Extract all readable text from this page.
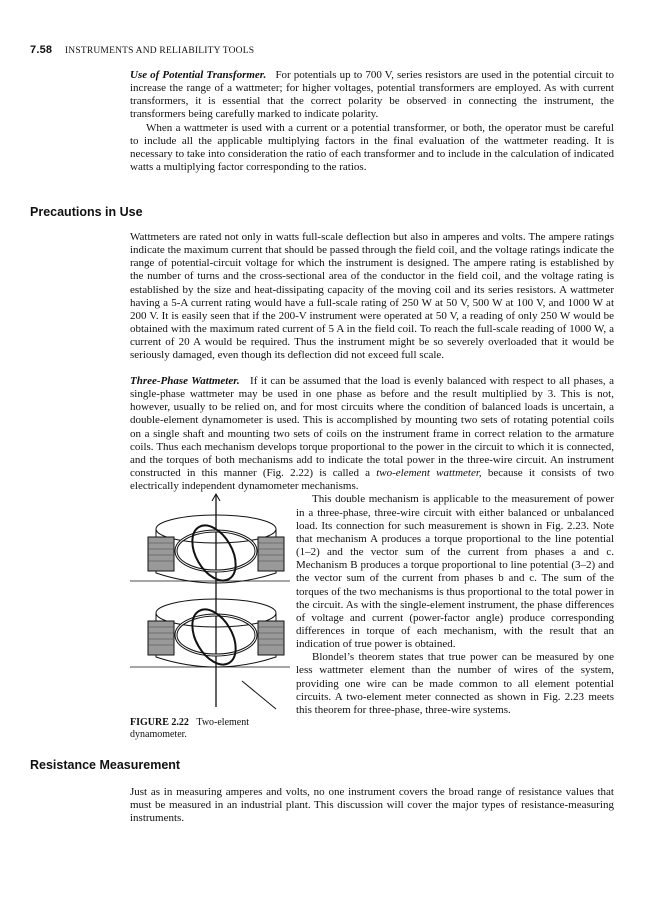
7.58 INSTRUMENTS AND RELIABILITY TOOLS

Use of Potential Transformer. For potentials up to 700 V, series resistors are used in the potential circuit to increase the range of a wattmeter; for higher voltages, potential transformers are employed. As with current transformers, it is essential that the correct polarity be observed in connecting the instrument, the transformers being carefully marked to indicate polarity.

When a wattmeter is used with a current or a potential transformer, or both, the operator must be careful to include all the applicable multiplying factors in the final evaluation of the wattmeter reading. It is necessary to take into consideration the ratio of each transformer and to include in the calculation of indicated watts a multiplying factor corresponding to the ratios.

Precautions in Use

Wattmeters are rated not only in watts full-scale deflection but also in amperes and volts. The ampere ratings indicate the maximum current that should be passed through the field coil, and the voltage ratings indicate the range of potential-circuit voltage for which the instrument is designed. The ampere rating is established by the number of turns and the cross-sectional area of the conductor in the field coil, and the voltage rating is established by the size and heat-dissipating capacity of the moving coil and its series resistors. A wattmeter having a 5-A current rating would have a full-scale rating of 250 W at 50 V, 500 W at 100 V, and 1000 W at 200 V. It is easily seen that if the 200-V instrument were operated at 50 V, a reading of only 250 W would be obtained with the maximum rated current of 5 A in the field coil. To reach the full-scale reading of 1000 W, a current of 20 A would be required. Thus the instrument might be so severely overloaded that it would be seriously damaged, even though its deflection did not exceed full scale.

Three-Phase Wattmeter. If it can be assumed that the load is evenly balanced with respect to all phases, a single-phase wattmeter may be used in one phase as before and the result multiplied by 3. This is not, however, usually to be relied on, and for most circuits where the condition of balanced loads is uncertain, a double-element dynamometer is used. This is accomplished by mounting two sets of rotating potential coils on a single shaft and mounting two sets of coils on the instrument frame in correct relation to the armature coils. Thus each mechanism develops torque proportional to the power in the circuit to which it is connected, and the torques of both mechanisms add to indicate the total power in the three-wire circuit. An instrument constructed in this manner (Fig. 2.22) is called a two-element wattmeter, because it consists of two electrically independent dynamometer mechanisms.

FIGURE 2.22 Two-element dynamometer.

This double mechanism is applicable to the measurement of power in a three-phase, three-wire circuit with either balanced or unbalanced load. Its connection for such measurement is shown in Fig. 2.23. Note that mechanism A produces a torque proportional to the line potential (1–2) and the vector sum of the current from phases a and c. Mechanism B produces a torque proportional to line potential (3–2) and the vector sum of the current from phases b and c. The sum of the torques of the two mechanisms is thus proportional to the total power in the circuit. As with the single-element instrument, the phase differences of voltage and current (power-factor angle) produce corresponding differences in torque of each mechanism, with the result that an indication of true power is obtained.

Blondel’s theorem states that true power can be measured by one less wattmeter element than the number of wires of the system, providing one wire can be made common to all element potential circuits. A two-element meter connected as shown in Fig. 2.23 meets this theorem for three-phase, three-wire systems.

Resistance Measurement

Just as in measuring amperes and volts, no one instrument covers the broad range of resistance values that must be measured in an industrial plant. This discussion will cover the major types of resistance-measuring instruments.
